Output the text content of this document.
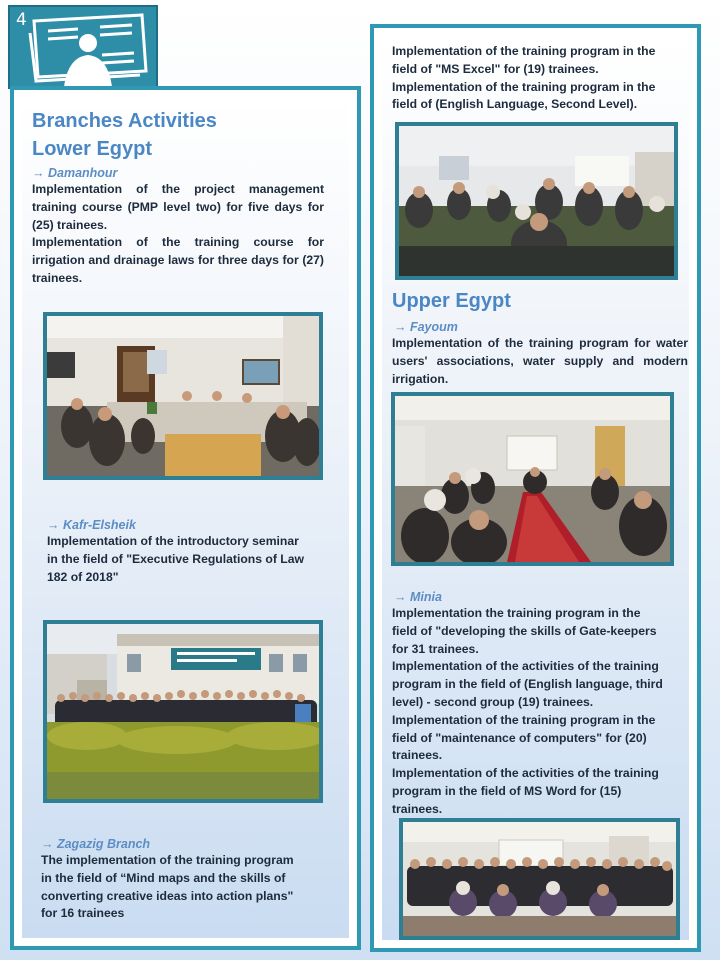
4
Branches Activities
Lower Egypt
→ Damanhour

Implementation of the project management training course (PMP level two) for five days for (25) trainees.

Implementation of the training course for irrigation and drainage laws for three days for (27) trainees.

→ Kafr-Elsheik

Implementation of the introductory seminar

in the field of "Executive Regulations of Law

182 of 2018"

→ Zagazig Branch

The implementation of the training program

in the field of “Mind maps and the skills of

converting creative ideas into action plans"

for 16 trainees

Implementation of the training program in the

field of "MS Excel" for (19) trainees.

Implementation of the training program in the

field of (English Language, Second Level).

Upper Egypt
→ Fayoum

Implementation of the training program for water users' associations, water supply and modern irrigation.

→ Minia

Implementation the training program in the

field of "developing the skills of Gate-keepers

for 31 trainees.

Implementation of the activities of the training

program in the field of (English language, third

level) - second group (19) trainees.

Implementation of the training program in the

field of "maintenance of computers" for (20)

trainees.

Implementation of the activities of the training

program in the field of MS Word for (15)

trainees.
